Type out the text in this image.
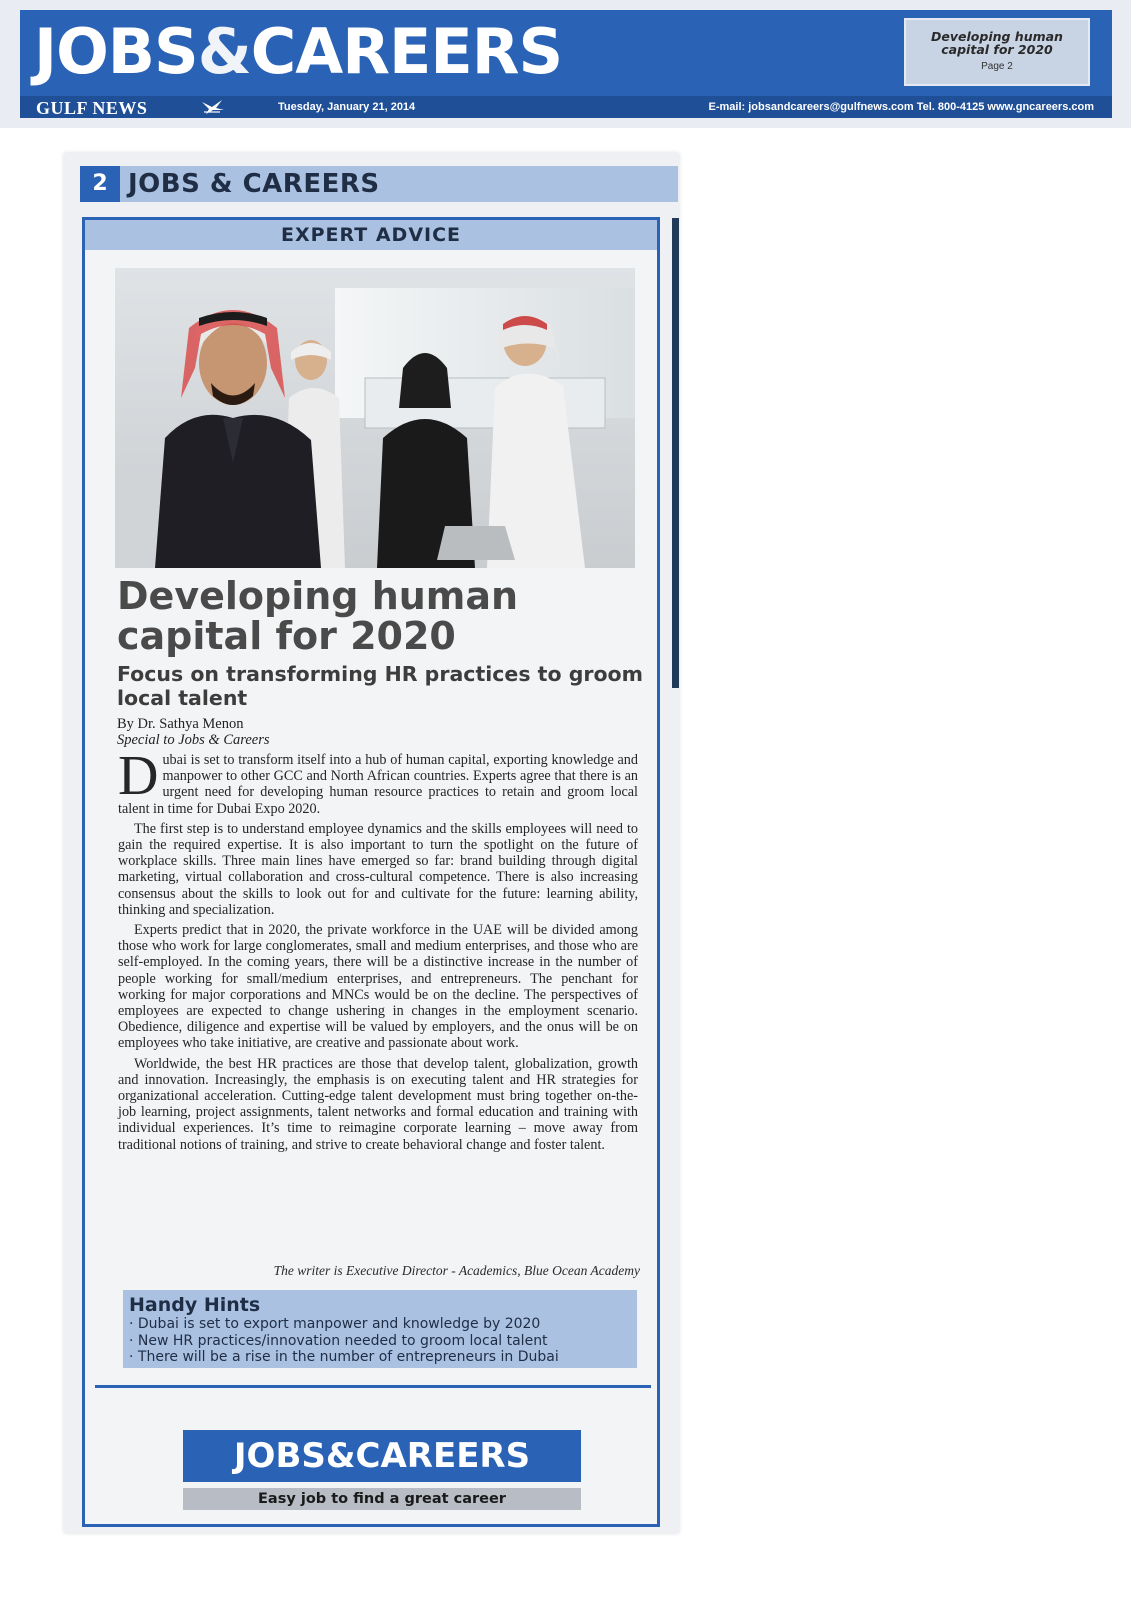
JOBS&CAREERS	Developing human capital for 2020
Page 2
GULF NEWS	Tuesday, January 21, 2014	E-mail: jobsandcareers@gulfnews.com Tel. 800-4125 www.gncareers.com
2 JOBS & CAREERS
EXPERT ADVICE
Developing human capital for 2020
Focus on transforming HR practices to groom local talent
By Dr. Sathya Menon
Special to Jobs & Careers

Dubai is set to transform itself into a hub of human capital, exporting knowledge and manpower to other GCC and North African countries. Experts agree that there is an urgent need for developing human resource practices to retain and groom local talent in time for Dubai Expo 2020.

The first step is to understand employee dynamics and the skills employees will need to gain the required expertise. It is also important to turn the spotlight on the future of workplace skills. Three main lines have emerged so far: brand building through digital marketing, virtual collaboration and cross-cultural competence. There is also increasing consensus about the skills to look out for and cultivate for the future: learning ability, thinking and specialization.

Experts predict that in 2020, the private workforce in the UAE will be divided among those who work for large conglomerates, small and medium enterprises, and those who are self-employed. In the coming years, there will be a distinctive increase in the number of people working for small/medium enterprises, and entrepreneurs. The penchant for working for major corporations and MNCs would be on the decline. The perspectives of employees are expected to change ushering in changes in the employment scenario. Obedience, diligence and expertise will be valued by employers, and the onus will be on employees who take initiative, are creative and passionate about work.

Worldwide, the best HR practices are those that develop talent, globalization, growth and innovation. Increasingly, the emphasis is on executing talent and HR strategies for organizational acceleration. Cutting-edge talent development must bring together on-the-job learning, project assignments, talent networks and formal education and training with individual experiences. It’s time to reimagine corporate learning – move away from traditional notions of training, and strive to create behavioral change and foster talent.

The writer is Executive Director - Academics, Blue Ocean Academy
Handy Hints
· Dubai is set to export manpower and knowledge by 2020
· New HR practices/innovation needed to groom local talent
· There will be a rise in the number of entrepreneurs in Dubai
JOBS&CAREERS
Easy job to find a great career
